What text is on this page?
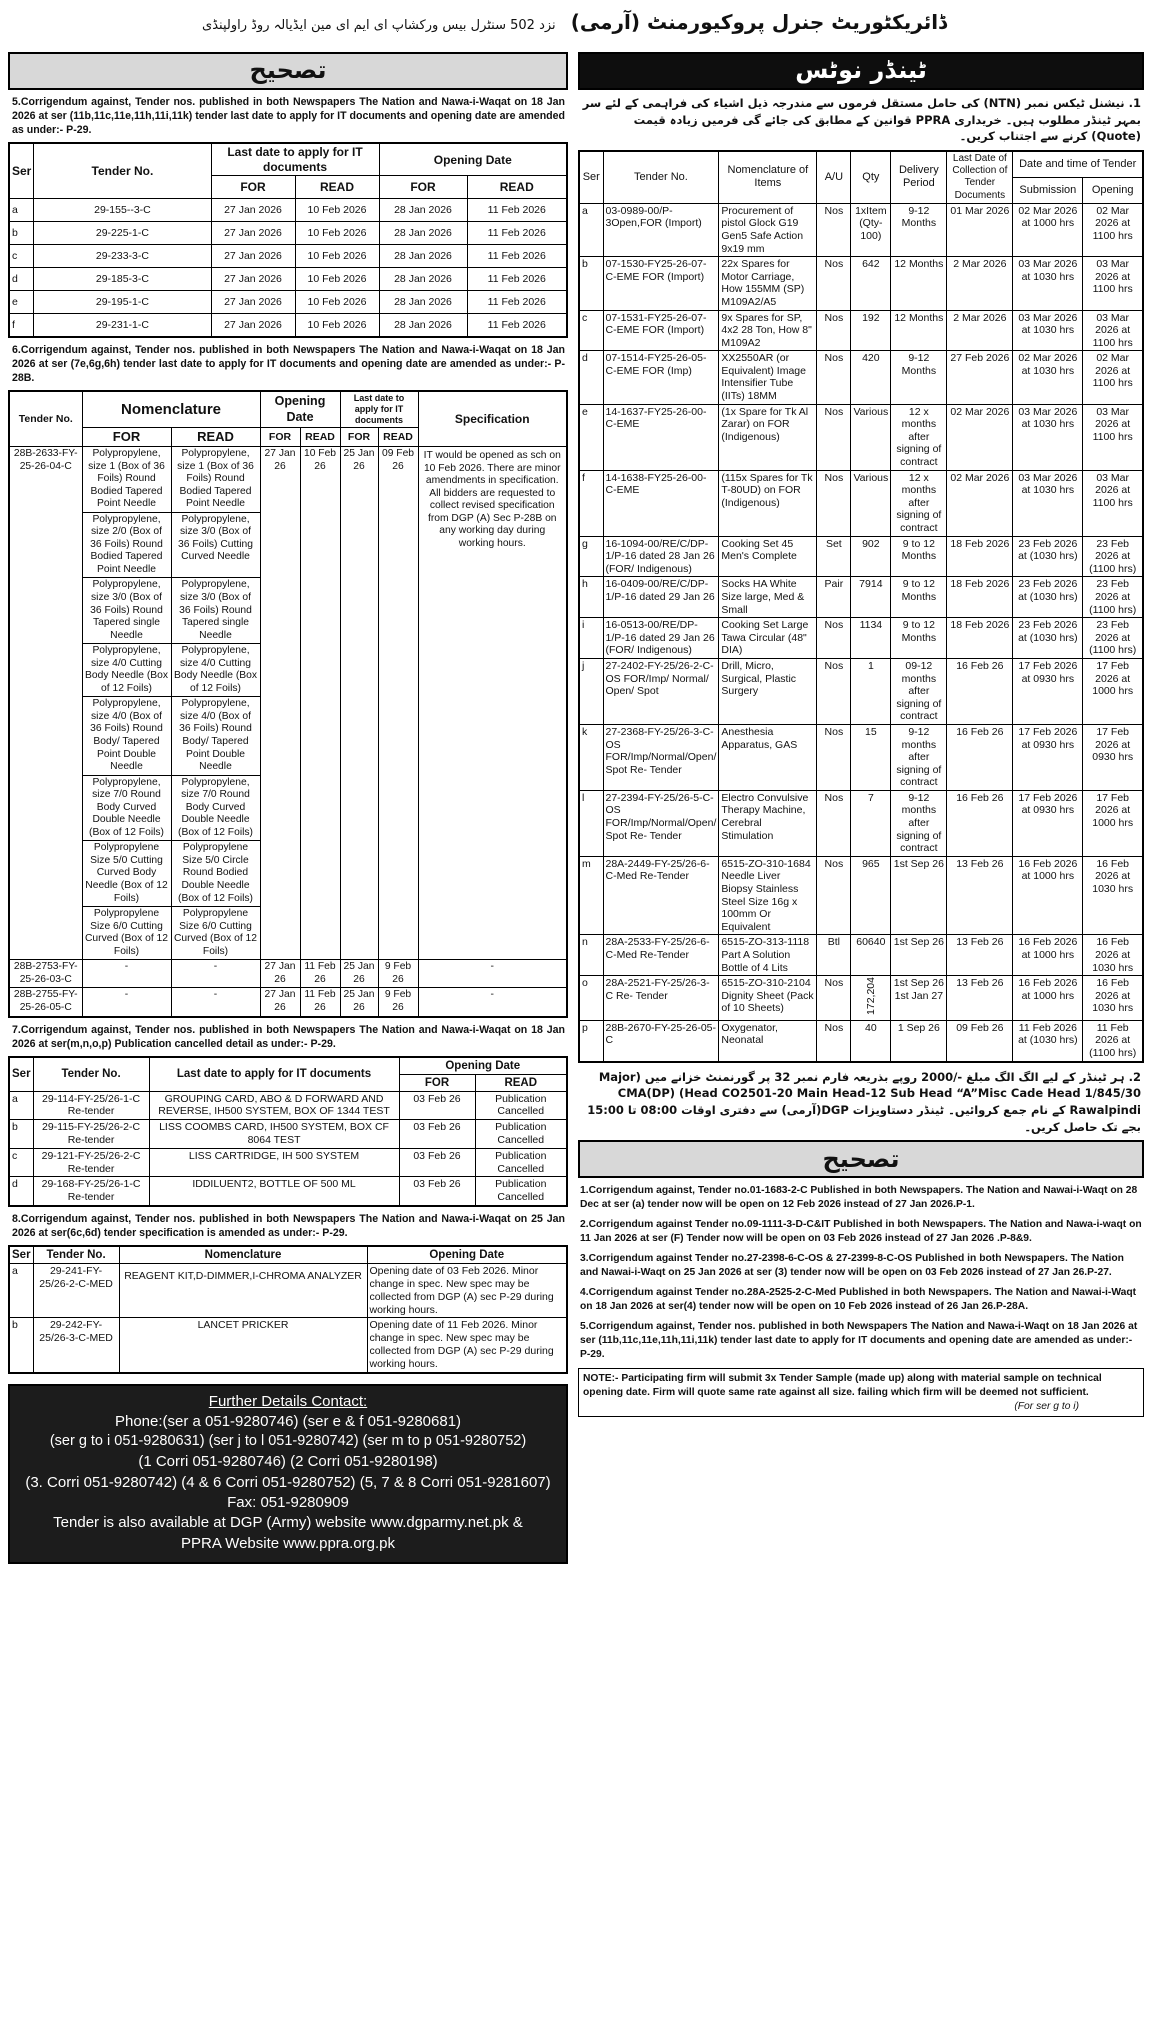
نزد 502 سنٹرل بیس ورکشاپ ای ایم ای مین ایڈیالہ روڈ راولپنڈی ڈائریکٹوریٹ جنرل پروکیورمنٹ (آرمی)
تصحیح
5.Corrigendum against, Tender nos. published in both Newspapers The Nation and Nawa-i-Waqat on 18 Jan 2026 at ser (11b,11c,11e,11h,11i,11k) tender last date to apply for IT documents and opening date are amended as under:- P-29.
Ser	Tender No.	Last date to apply for IT documents		Opening Date	
		FOR	READ	FOR	READ
a	29-155--3-C	27 Jan 2026	10 Feb 2026	28 Jan 2026	11 Feb 2026
b	29-225-1-C	27 Jan 2026	10 Feb 2026	28 Jan 2026	11 Feb 2026
c	29-233-3-C	27 Jan 2026	10 Feb 2026	28 Jan 2026	11 Feb 2026
d	29-185-3-C	27 Jan 2026	10 Feb 2026	28 Jan 2026	11 Feb 2026
e	29-195-1-C	27 Jan 2026	10 Feb 2026	28 Jan 2026	11 Feb 2026
f	29-231-1-C	27 Jan 2026	10 Feb 2026	28 Jan 2026	11 Feb 2026
6.Corrigendum against, Tender nos. published in both Newspapers The Nation and Nawa-i-Waqat on 18 Jan 2026 at ser (7e,6g,6h) tender last date to apply for IT documents and opening date are amended as under:- P-28B.
Tender No.	Nomenclature		Opening Date		Last date to apply for IT documents		Specification
	FOR	READ	FOR	READ	FOR	READ	
28B-2633-FY-25-26-04-C	Polypropylene, size 1 (Box of 36 Foils) Round Bodied Tapered Point Needle	Polypropylene, size 1 (Box of 36 Foils) Round Bodied Tapered Point Needle	27 Jan 26	10 Feb 26	25 Jan 26	09 Feb 26	IT would be opened as sch on 10 Feb 2026. There are minor amendments in specification. All bidders are requested to collect revised specification from DGP (A) Sec P-28B on any working day during working hours.
	Polypropylene, size 2/0 (Box of 36 Foils) Round Bodied Tapered Point Needle	Polypropylene, size 3/0 (Box of 36 Foils) Cutting Curved Needle					
	Polypropylene, size 3/0 (Box of 36 Foils) Round Tapered single Needle	Polypropylene, size 3/0 (Box of 36 Foils) Round Tapered single Needle					
	Polypropylene, size 4/0 Cutting Body Needle (Box of 12 Foils)	Polypropylene, size 4/0 Cutting Body Needle (Box of 12 Foils)					
	Polypropylene, size 4/0 (Box of 36 Foils) Round Body/ Tapered Point Double Needle	Polypropylene, size 4/0 (Box of 36 Foils) Round Body/ Tapered Point Double Needle					
	Polypropylene, size 7/0 Round Body Curved Double Needle (Box of 12 Foils)	Polypropylene, size 7/0 Round Body Curved Double Needle (Box of 12 Foils)					
	Polypropylene Size 5/0 Cutting Curved Body Needle (Box of 12 Foils)	Polypropylene Size 5/0 Circle Round Bodied Double Needle (Box of 12 Foils)					
	Polypropylene Size 6/0 Cutting Curved (Box of 12 Foils)	Polypropylene Size 6/0 Cutting Curved (Box of 12 Foils)					
28B-2753-FY-25-26-03-C	-	-	27 Jan 26	11 Feb 26	25 Jan 26	9 Feb 26	-
28B-2755-FY-25-26-05-C	-	-	27 Jan 26	11 Feb 26	25 Jan 26	9 Feb 26	-
7.Corrigendum against, Tender nos. published in both Newspapers The Nation and Nawa-i-Waqat on 18 Jan 2026 at ser(m,n,o,p) Publication cancelled detail as under:- P-29.
Ser	Tender No.	Last date to apply for IT documents	Opening Date	
			FOR	READ
a	29-114-FY-25/26-1-C Re-tender	GROUPING CARD, ABO & D FORWARD AND REVERSE, IH500 SYSTEM, BOX OF 1344 TEST	03 Feb 26	Publication Cancelled
b	29-115-FY-25/26-2-C Re-tender	LISS COOMBS CARD, IH500 SYSTEM, BOX CF 8064 TEST	03 Feb 26	Publication Cancelled
c	29-121-FY-25/26-2-C Re-tender	LISS CARTRIDGE, IH 500 SYSTEM	03 Feb 26	Publication Cancelled
d	29-168-FY-25/26-1-C Re-tender	IDDILUENT2, BOTTLE OF 500 ML	03 Feb 26	Publication Cancelled
8.Corrigendum against, Tender nos. published in both Newspapers The Nation and Nawa-i-Waqat on 25 Jan 2026 at ser(6c,6d) tender specification is amended as under:- P-29.
Ser	Tender No.	Nomenclature	Opening Date
a	29-241-FY-25/26-2-C-MED	REAGENT KIT,D-DIMMER,I-CHROMA ANALYZER	Opening date of 03 Feb 2026. Minor change in spec. New spec may be collected from DGP (A) sec P-29 during working hours.
b	29-242-FY-25/26-3-C-MED	LANCET PRICKER	Opening date of 11 Feb 2026. Minor change in spec. New spec may be collected from DGP (A) sec P-29 during working hours.
Further Details Contact:
Phone:(ser a 051-9280746) (ser e & f 051-9280681)
(ser g to i 051-9280631) (ser j to l 051-9280742) (ser m to p 051-9280752)
(1 Corri 051-9280746) (2 Corri 051-9280198)
(3. Corri 051-9280742) (4 & 6 Corri 051-9280752) (5, 7 & 8 Corri 051-9281607)
Fax: 051-9280909
Tender is also available at DGP (Army) website www.dgparmy.net.pk &
PPRA Website www.ppra.org.pk
ٹینڈر نوٹس
1. نیشنل ٹیکس نمبر (NTN) کی حامل مستقل فرموں سے مندرجہ ذیل اشیاء کی فراہمی کے لئے سر بمہر ٹینڈر مطلوب ہیں۔ خریداری PPRA قوانین کے مطابق کی جائے گی فرمیں زیادہ قیمت (Quote) کرنے سے اجتناب کریں۔
Ser	Tender No.	Nomenclature of Items	A/U	Qty	Delivery Period	Last Date of Collection of Tender Documents	Date and time of Tender	
							Submission	Opening
a	03-0989-00/P-3Open,FOR (Import)	Procurement of pistol Glock G19 Gen5 Safe Action 9x19 mm	Nos	1xItem (Qty-100)	9-12 Months	01 Mar 2026	02 Mar 2026 at 1000 hrs	02 Mar 2026 at 1100 hrs
b	07-1530-FY25-26-07-C-EME FOR (Import)	22x Spares for Motor Carriage, How 155MM (SP) M109A2/A5	Nos	642	12 Months	2 Mar 2026	03 Mar 2026 at 1030 hrs	03 Mar 2026 at 1100 hrs
c	07-1531-FY25-26-07-C-EME FOR (Import)	9x Spares for SP, 4x2 28 Ton, How 8" M109A2	Nos	192	12 Months	2 Mar 2026	03 Mar 2026 at 1030 hrs	03 Mar 2026 at 1100 hrs
d	07-1514-FY25-26-05-C-EME FOR (Imp)	XX2550AR (or Equivalent) Image Intensifier Tube (IITs) 18MM	Nos	420	9-12 Months	27 Feb 2026	02 Mar 2026 at 1030 hrs	02 Mar 2026 at 1100 hrs
e	14-1637-FY25-26-00-C-EME	(1x Spare for Tk Al Zarar) on FOR (Indigenous)	Nos	Various	12 x months after signing of contract	02 Mar 2026	03 Mar 2026 at 1030 hrs	03 Mar 2026 at 1100 hrs
f	14-1638-FY25-26-00-C-EME	(115x Spares for Tk T-80UD) on FOR (Indigenous)	Nos	Various	12 x months after signing of contract	02 Mar 2026	03 Mar 2026 at 1030 hrs	03 Mar 2026 at 1100 hrs
g	16-1094-00/RE/C/DP-1/P-16 dated 28 Jan 26 (FOR/ Indigenous)	Cooking Set 45 Men's Complete	Set	902	9 to 12 Months	18 Feb 2026	23 Feb 2026 at (1030 hrs)	23 Feb 2026 at (1100 hrs)
h	16-0409-00/RE/C/DP-1/P-16 dated 29 Jan 26	Socks HA White Size large, Med & Small	Pair	7914	9 to 12 Months	18 Feb 2026	23 Feb 2026 at (1030 hrs)	23 Feb 2026 at (1100 hrs)
i	16-0513-00/RE/DP-1/P-16 dated 29 Jan 26 (FOR/ Indigenous)	Cooking Set Large Tawa Circular (48" DIA)	Nos	1134	9 to 12 Months	18 Feb 2026	23 Feb 2026 at (1030 hrs)	23 Feb 2026 at (1100 hrs)
j	27-2402-FY-25/26-2-C-OS FOR/Imp/ Normal/ Open/ Spot	Drill, Micro, Surgical, Plastic Surgery	Nos	1	09-12 months after signing of contract	16 Feb 26	17 Feb 2026 at 0930 hrs	17 Feb 2026 at 1000 hrs
k	27-2368-FY-25/26-3-C-OS FOR/Imp/Normal/Open/ Spot Re- Tender	Anesthesia Apparatus, GAS	Nos	15	9-12 months after signing of contract	16 Feb 26	17 Feb 2026 at 0930 hrs	17 Feb 2026 at 0930 hrs
l	27-2394-FY-25/26-5-C-OS FOR/Imp/Normal/Open/ Spot Re- Tender	Electro Convulsive Therapy Machine, Cerebral Stimulation	Nos	7	9-12 months after signing of contract	16 Feb 26	17 Feb 2026 at 0930 hrs	17 Feb 2026 at 1000 hrs
m	28A-2449-FY-25/26-6-C-Med Re-Tender	6515-ZO-310-1684 Needle Liver Biopsy Stainless Steel Size 16g x 100mm Or Equivalent	Nos	965	1st Sep 26	13 Feb 26	16 Feb 2026 at 1000 hrs	16 Feb 2026 at 1030 hrs
n	28A-2533-FY-25/26-6-C-Med Re-Tender	6515-ZO-313-1118 Part A Solution Bottle of 4 Lits	Btl	60640	1st Sep 26	13 Feb 26	16 Feb 2026 at 1000 hrs	16 Feb 2026 at 1030 hrs
o	28A-2521-FY-25/26-3-C Re- Tender	6515-ZO-310-2104 Dignity Sheet (Pack of 10 Sheets)	Nos	172,204	1st Sep 26 1st Jan 27	13 Feb 26	16 Feb 2026 at 1000 hrs	16 Feb 2026 at 1030 hrs
p	28B-2670-FY-25-26-05-C	Oxygenator, Neonatal	Nos	40	1 Sep 26	09 Feb 26	11 Feb 2026 at (1030 hrs)	11 Feb 2026 at (1100 hrs)
2. ہر ٹینڈر کے لیے الگ الگ مبلغ -/2000 روپے بذریعہ فارم نمبر 32 پر گورنمنٹ خزانے میں (Major Head CO2501-20 Main Head-12 Sub Head “A”Misc Cade Head 1/845/30) CMA(DP) Rawalpindi کے نام جمع کروائیں۔ ٹینڈر دستاویزات DGP(آرمی) سے دفتری اوقات 08:00 تا 15:00 بجے تک حاصل کریں۔
تصحیح

1.Corrigendum against, Tender no.01-1683-2-C Published in both Newspapers. The Nation and Nawai-i-Waqt on 28 Dec at ser (a) tender now will be open on 12 Feb 2026 instead of 27 Jan 2026.P-1.

2.Corrigendum against Tender no.09-1111-3-D-C&IT Published in both Newspapers. The Nation and Nawa-i-waqt on 11 Jan 2026 at ser (F) Tender now will be open on 03 Feb 2026 instead of 27 Jan 2026 .P-8&9.

3.Corrigendum against Tender no.27-2398-6-C-OS & 27-2399-8-C-OS Published in both Newspapers. The Nation and Nawai-i-Waqt on 25 Jan 2026 at ser (3) tender now will be open on 03 Feb 2026 instead of 27 Jan 26.P-27.

4.Corrigendum against Tender no.28A-2525-2-C-Med Published in both Newspapers. The Nation and Nawai-i-Waqt on 18 Jan 2026 at ser(4) tender now will be open on 10 Feb 2026 instead of 26 Jan 26.P-28A.

5.Corrigendum against, Tender nos. published in both Newspapers The Nation and Nawa-i-Waqt on 18 Jan 2026 at ser (11b,11c,11e,11h,11i,11k) tender last date to apply for IT documents and opening date are amended as under:- P-29.

NOTE:- Participating firm will submit 3x Tender Sample (made up) along with material sample on technical opening date. Firm will quote same rate against all size. failing which firm will be deemed not sufficient.
(For ser g to i)
